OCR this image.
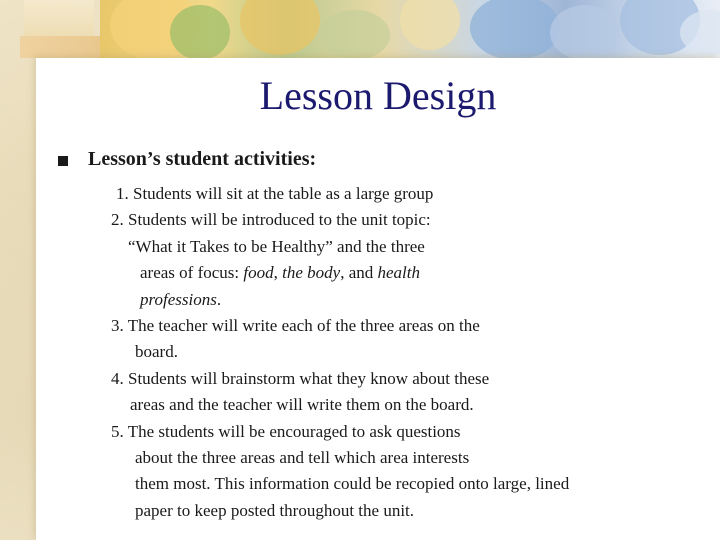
Lesson Design
Lesson’s student activities:
1. Students will sit at the table as a large group
2. Students will be introduced to the unit topic:
“What it Takes to be Healthy” and the three
areas of focus: food, the body, and health
professions.
3. The teacher will write each of the three areas on the
board.
4. Students will brainstorm what they know about these
areas and the teacher will write them on the board.
5. The students will be encouraged to ask questions
about the three areas and tell which area interests
them most. This information could be recopied onto large, lined
paper to keep posted throughout the unit.
